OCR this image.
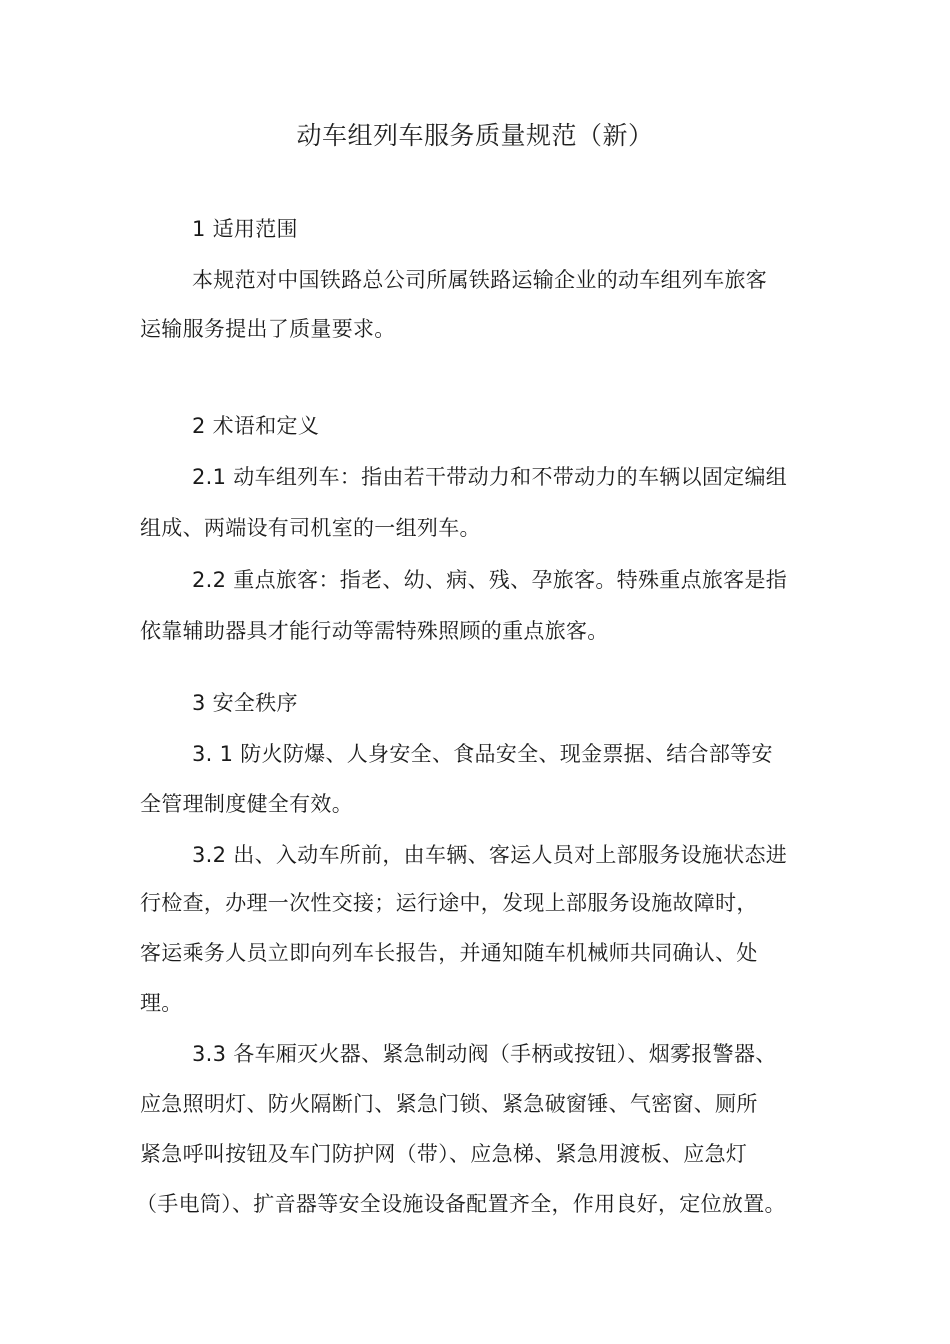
动车组列车服务质量规范（新）
1 适用范围
本规范对中国铁路总公司所属铁路运输企业的动车组列车旅客
运输服务提出了质量要求。
2 术语和定义
2.1 动车组列车：指由若干带动力和不带动力的车辆以固定编组
组成、两端设有司机室的一组列车。
2.2 重点旅客：指老、幼、病、残、孕旅客。特殊重点旅客是指
依靠辅助器具才能行动等需特殊照顾的重点旅客。
3 安全秩序
3. 1 防火防爆、人身安全、食品安全、现金票据、结合部等安
全管理制度健全有效。
3.2 出、入动车所前，由车辆、客运人员对上部服务设施状态进
行检查，办理一次性交接；运行途中，发现上部服务设施故障时，
客运乘务人员立即向列车长报告，并通知随车机械师共同确认、处
理。
3.3 各车厢灭火器、紧急制动阀（手柄或按钮）、烟雾报警器、
应急照明灯、防火隔断门、紧急门锁、紧急破窗锤、气密窗、厕所
紧急呼叫按钮及车门防护网（带）、应急梯、紧急用渡板、应急灯
（手电筒）、扩音器等安全设施设备配置齐全，作用良好，定位放置。
